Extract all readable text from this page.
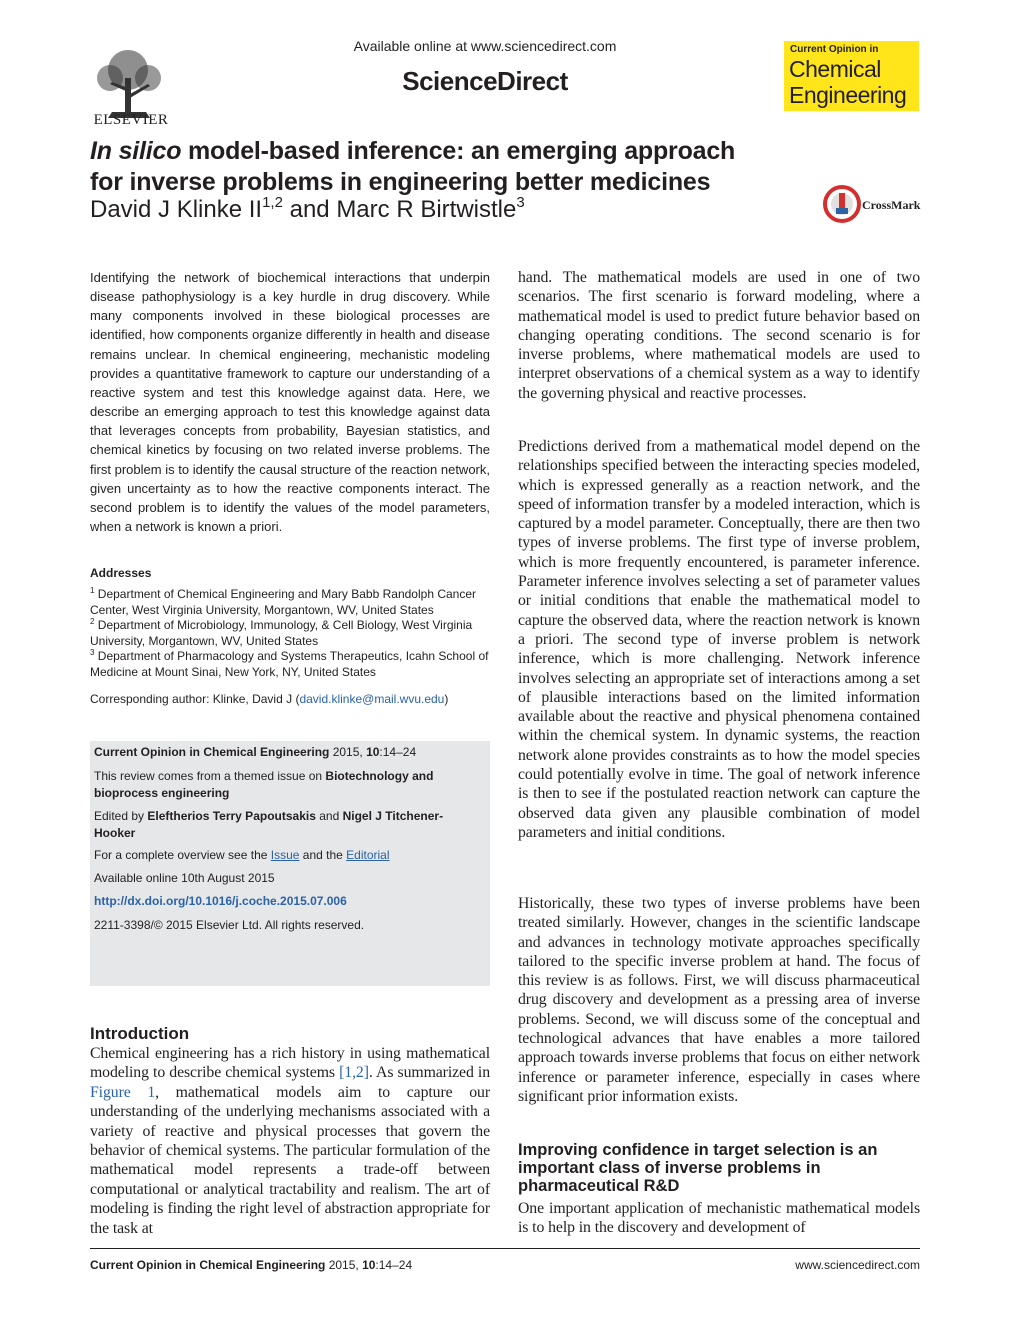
ELSEVIER
Available online at www.sciencedirect.com
ScienceDirect
Current Opinion in
Chemical
Engineering
In silico model-based inference: an emerging approach
for inverse problems in engineering better medicines
David J Klinke II$^{1,2}$ and Marc R Birtwistle$^3$	CrossMark
Identifying the network of biochemical interactions that underpin disease pathophysiology is a key hurdle in drug discovery. While many components involved in these biological processes are identified, how components organize differently in health and disease remains unclear. In chemical engineering, mechanistic modeling provides a quantitative framework to capture our understanding of a reactive system and test this knowledge against data. Here, we describe an emerging approach to test this knowledge against data that leverages concepts from probability, Bayesian statistics, and chemical kinetics by focusing on two related inverse problems. The first problem is to identify the causal structure of the reaction network, given uncertainty as to how the reactive components interact. The second problem is to identify the values of the model parameters, when a network is known a priori.
Addresses
$^1$ Department of Chemical Engineering and Mary Babb Randolph Cancer Center, West Virginia University, Morgantown, WV, United States
$^2$ Department of Microbiology, Immunology, & Cell Biology, West Virginia University, Morgantown, WV, United States
$^3$ Department of Pharmacology and Systems Therapeutics, Icahn School of Medicine at Mount Sinai, New York, NY, United States
Corresponding author: Klinke, David J (david.klinke@mail.wvu.edu)
Current Opinion in Chemical Engineering 2015, 10:14–24
This review comes from a themed issue on Biotechnology and bioprocess engineering
Edited by Eleftherios Terry Papoutsakis and Nigel J Titchener-Hooker
For a complete overview see the Issue and the Editorial
Available online 10th August 2015
http://dx.doi.org/10.1016/j.coche.2015.07.006
2211-3398/© 2015 Elsevier Ltd. All rights reserved.
Introduction
Chemical engineering has a rich history in using mathematical modeling to describe chemical systems [1,2]. As summarized in Figure 1, mathematical models aim to capture our understanding of the underlying mechanisms associated with a variety of reactive and physical processes that govern the behavior of chemical systems. The particular formulation of the mathematical model represents a trade-off between computational or analytical tractability and realism. The art of modeling is finding the right level of abstraction appropriate for the task at
hand. The mathematical models are used in one of two scenarios. The first scenario is forward modeling, where a mathematical model is used to predict future behavior based on changing operating conditions. The second scenario is for inverse problems, where mathematical models are used to interpret observations of a chemical system as a way to identify the governing physical and reactive processes.
Predictions derived from a mathematical model depend on the relationships specified between the interacting species modeled, which is expressed generally as a reaction network, and the speed of information transfer by a modeled interaction, which is captured by a model parameter. Conceptually, there are then two types of inverse problems. The first type of inverse problem, which is more frequently encountered, is parameter inference. Parameter inference involves selecting a set of parameter values or initial conditions that enable the mathematical model to capture the observed data, where the reaction network is known a priori. The second type of inverse problem is network inference, which is more challenging. Network inference involves selecting an appropriate set of interactions among a set of plausible interactions based on the limited information available about the reactive and physical phenomena contained within the chemical system. In dynamic systems, the reaction network alone provides constraints as to how the model species could potentially evolve in time. The goal of network inference is then to see if the postulated reaction network can capture the observed data given any plausible combination of model parameters and initial conditions.
Historically, these two types of inverse problems have been treated similarly. However, changes in the scientific landscape and advances in technology motivate approaches specifically tailored to the specific inverse problem at hand. The focus of this review is as follows. First, we will discuss pharmaceutical drug discovery and development as a pressing area of inverse problems. Second, we will discuss some of the conceptual and technological advances that have enables a more tailored approach towards inverse problems that focus on either network inference or parameter inference, especially in cases where significant prior information exists.
Improving confidence in target selection is an important class of inverse problems in pharmaceutical R&D
One important application of mechanistic mathematical models is to help in the discovery and development of
Current Opinion in Chemical Engineering 2015, 10:14–24	www.sciencedirect.com
